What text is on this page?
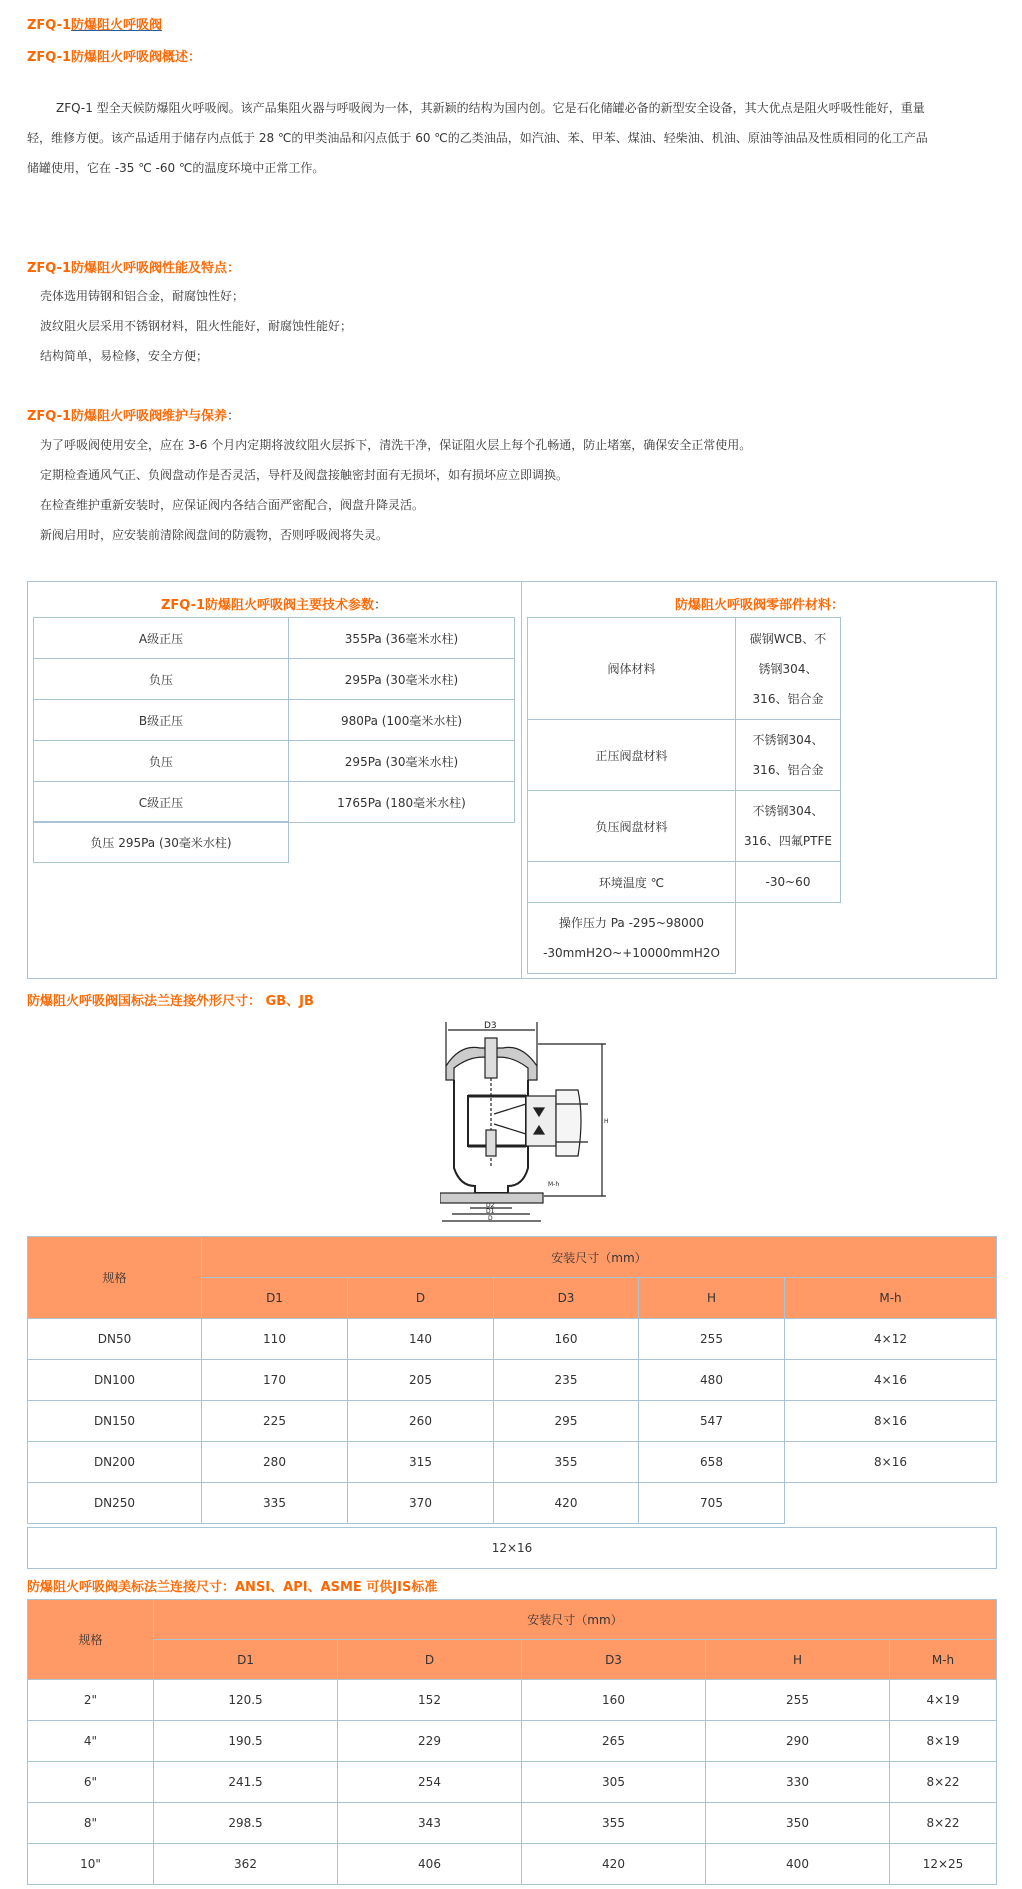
ZFQ-1防爆阻火呼吸阀
ZFQ-1防爆阻火呼吸阀概述：
ZFQ-1 型全天候防爆阻火呼吸阀。该产品集阻火器与呼吸阀为一体，其新颖的结构为国内创。它是石化储罐必备的新型安全设备，其大优点是阻火呼吸性能好，重量
轻，维修方便。该产品适用于储存内点低于 28 ℃的甲类油品和闪点低于 60 ℃的乙类油品，如汽油、苯、甲苯、煤油、轻柴油、机油、原油等油品及性质相同的化工产品
储罐使用，它在 -35 ℃ -60 ℃的温度环境中正常工作。
ZFQ-1防爆阻火呼吸阀性能及特点：
壳体选用铸钢和铝合金，耐腐蚀性好；
波纹阻火层采用不锈钢材料，阻火性能好，耐腐蚀性能好；
结构简单，易检修，安全方便；
ZFQ-1防爆阻火呼吸阀维护与保养：
为了呼吸阀使用安全，应在 3-6 个月内定期将波纹阻火层拆下，清洗干净，保证阻火层上每个孔畅通，防止堵塞，确保安全正常使用。
定期检查通风气正、负阀盘动作是否灵活，导杆及阀盘接触密封面有无损坏，如有损坏应立即调换。
在检查维护重新安装时，应保证阀内各结合面严密配合，阀盘升降灵活。
新阀启用时，应安装前清除阀盘间的防震物，否则呼吸阀将失灵。
ZFQ-1防爆阻火呼吸阀主要技术参数：
A级正压	355Pa (36毫米水柱)
负压	295Pa (30毫米水柱)
B级正压	980Pa (100毫米水柱)
负压	295Pa (30毫米水柱)
C级正压	1765Pa (180毫米水柱)
负压 295Pa (30毫米水柱)
防爆阻火呼吸阀零部件材料：
阀体材料	碳钢WCB、不
锈钢304、
316、铝合金

正压阀盘材料	不锈钢304、
316、铝合金

负压阀盘材料	不锈钢304、
316、四氟PTFE

环境温度 ℃	-30~60
操作压力 Pa -295~98000
-30mmH2O~+10000mmH2O
防爆阻火呼吸阀国标法兰连接外形尺寸： GB、JB
D3
H
M-h
D2
D1
D
规格	安装尺寸（mm）				
	D1	D	D3	H	M-h
DN50	110	140	160	255	4×12
DN100	170	205	235	480	4×16
DN150	225	260	295	547	8×16
DN200	280	315	355	658	8×16
DN250	335	370	420	705	
12×16
防爆阻火呼吸阀美标法兰连接尺寸：ANSI、API、ASME 可供JIS标准
规格	安装尺寸（mm）				
	D1	D	D3	H	M-h
2"	120.5	152	160	255	4×19
4"	190.5	229	265	290	8×19
6"	241.5	254	305	330	8×22
8"	298.5	343	355	350	8×22
10"	362	406	420	400	12×25
